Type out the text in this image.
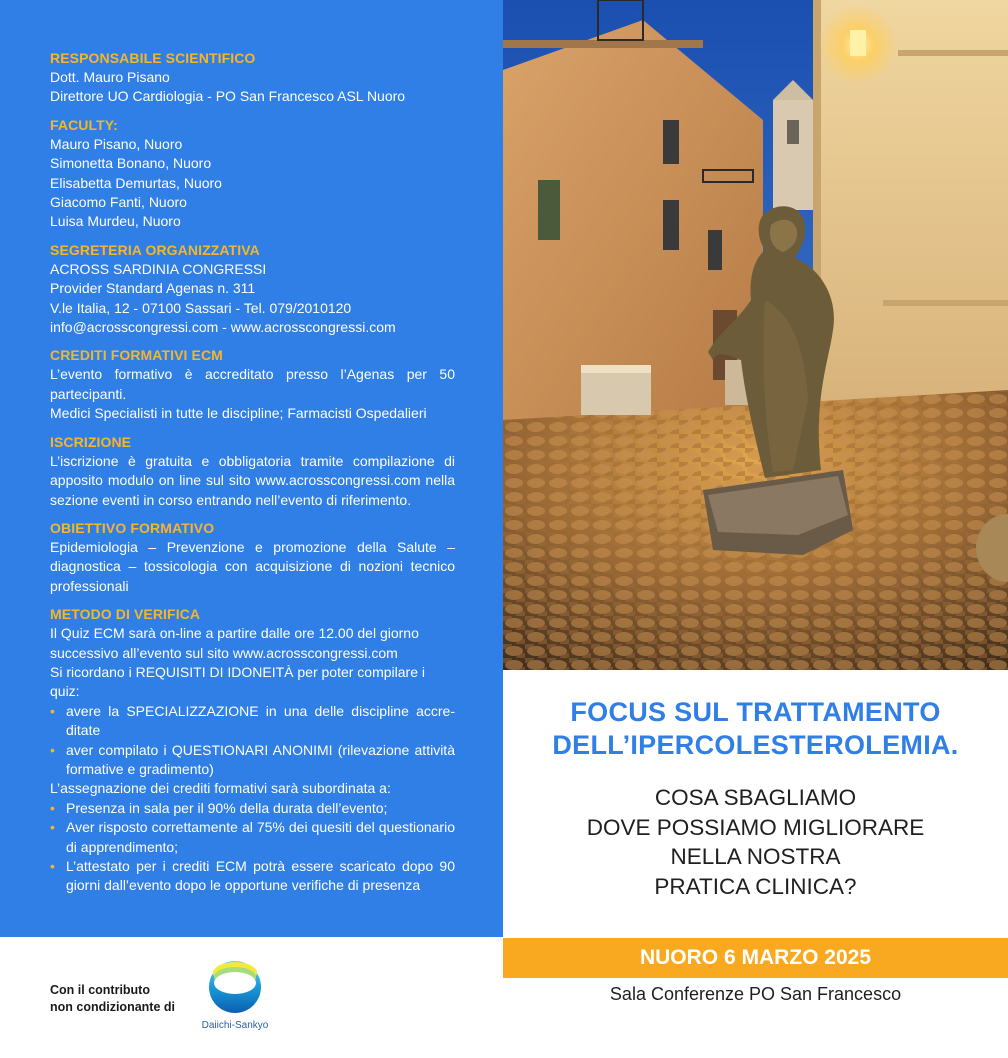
RESPONSABILE SCIENTIFICO
Dott. Mauro Pisano
Direttore UO Cardiologia - PO San Francesco ASL Nuoro
FACULTY:
Mauro Pisano, Nuoro
Simonetta Bonano, Nuoro
Elisabetta Demurtas, Nuoro
Giacomo Fanti, Nuoro
Luisa Murdeu, Nuoro
SEGRETERIA ORGANIZZATIVA
ACROSS SARDINIA CONGRESSI
Provider Standard Agenas n. 311
V.le Italia, 12 - 07100 Sassari - Tel. 079/2010120
info@acrosscongressi.com - www.acrosscongressi.com
CREDITI FORMATIVI ECM
L’evento formativo è accreditato presso l’Agenas per 50 partecipanti.
Medici Specialisti in tutte le discipline; Farmacisti Ospedalieri
ISCRIZIONE
L’iscrizione è gratuita e obbligatoria tramite compilazione di apposito modulo on line sul sito www.acrosscongressi.com nella sezione eventi in corso entrando nell’evento di riferimento.
OBIETTIVO FORMATIVO
Epidemiologia – Prevenzione e promozione della Salute – diagnostica – tossicologia con acquisizione di nozioni tecnico professionali
METODO DI VERIFICA
Il Quiz ECM sarà on-line a partire dalle ore 12.00 del giorno
successivo all’evento sul sito www.acrosscongressi.com
Si ricordano i REQUISITI DI IDONEITÀ per poter compilare i quiz:
• avere la SPECIALIZZAZIONE in una delle discipline accreditate
• aver compilato i QUESTIONARI ANONIMI (rilevazione attività formative e gradimento)
L’assegnazione dei crediti formativi sarà subordinata a:
• Presenza in sala per il 90% della durata dell’evento;
• Aver risposto correttamente al 75% dei quesiti del questionario di apprendimento;
• L’attestato per i crediti ECM potrà essere scaricato dopo 90 giorni dall’evento dopo le opportune verifiche di presenza
Con il contributo
non condizionante di
Daiichi-Sankyo
FOCUS SUL TRATTAMENTO
DELL’IPERCOLESTEROLEMIA.
COSA SBAGLIAMO
DOVE POSSIAMO MIGLIORARE
NELLA NOSTRA
PRATICA CLINICA?
NUORO 6 MARZO 2025
Sala Conferenze PO San Francesco
